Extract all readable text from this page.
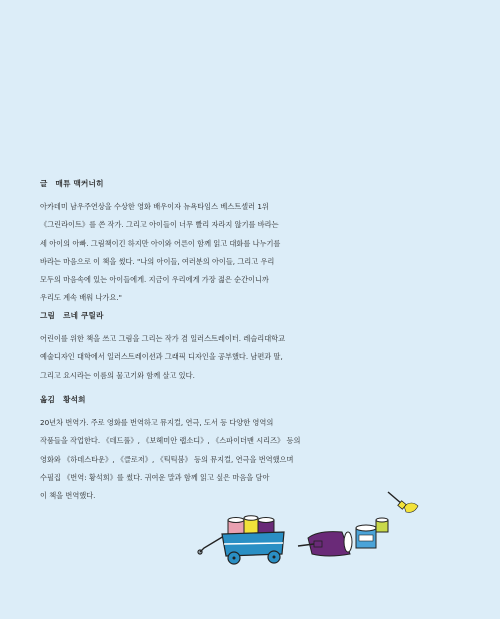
글 매튜 맥커너히

아카데미 남우주연상을 수상한 영화 배우이자 뉴욕타임스 베스트셀러 1위

《그린라이트》를 쓴 작가. 그리고 아이들이 너무 빨리 자라지 않기를 바라는

세 아이의 아빠. 그림책이긴 하지만 아이와 어른이 함께 읽고 대화를 나누기를

바라는 마음으로 이 책을 썼다. "나의 아이들, 여러분의 아이들, 그리고 우리

모두의 마음속에 있는 아이들에게. 지금이 우리에게 가장 젊은 순간이니까

우리도 계속 배워 나가요."

그림 르네 쿠릴라

어린이를 위한 책을 쓰고 그림을 그리는 작가 겸 일러스트레이터. 레슬리대학교

예술디자인 대학에서 일러스트레이션과 그래픽 디자인을 공부했다. 남편과 딸,

그리고 요시라는 이름의 물고기와 함께 살고 있다.

옮김 황석희

20년차 번역가. 주로 영화를 번역하고 뮤지컬, 연극, 도서 등 다양한 영역의

작품들을 작업한다. 《데드풀》, 《보헤미안 랩소디》, 《스파이더맨 시리즈》 등의

영화와 《하데스타운》, 《클로저》, 《틱틱붐》 등의 뮤지컬, 연극을 번역했으며

수필집 《번역: 황석희》를 썼다. 귀여운 말과 함께 읽고 싶은 마음을 담아

이 책을 번역했다.
